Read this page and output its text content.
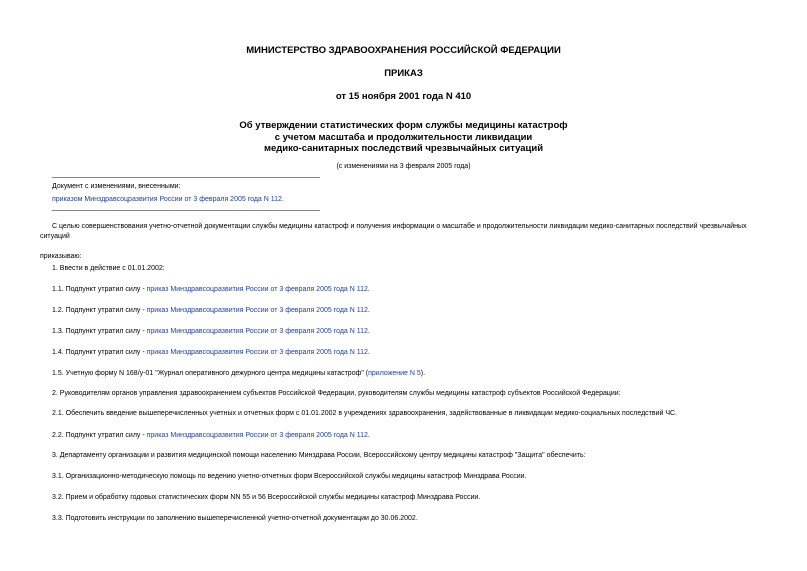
МИНИСТЕРСТВО ЗДРАВООХРАНЕНИЯ РОССИЙСКОЙ ФЕДЕРАЦИИ
ПРИКАЗ
от 15 ноября 2001 года N 410
Об утверждении статистических форм службы медицины катастроф
с учетом масштаба и продолжительности ликвидации
медико-санитарных последствий чрезвычайных ситуаций
(с изменениями на 3 февраля 2005 года)
Документ с изменениями, внесенными:
приказом Минздравсоцразвития России от 3 февраля 2005 года N 112.
С целью совершенствования учетно-отчетной документации службы медицины катастроф и получения информации о масштабе и продолжительности ликвидации медико-санитарных последствий чрезвычайных ситуаций
приказываю:
1. Ввести в действие с 01.01.2002:
1.1. Подпункт утратил силу - приказ Минздравсоцразвития России от 3 февраля 2005 года N 112.
1.2. Подпункт утратил силу - приказ Минздравсоцразвития России от 3 февраля 2005 года N 112.
1.3. Подпункт утратил силу - приказ Минздравсоцразвития России от 3 февраля 2005 года N 112.
1.4. Подпункт утратил силу - приказ Минздравсоцразвития России от 3 февраля 2005 года N 112.
1.5. Учетную форму N 168/у-01 "Журнал оперативного дежурного центра медицины катастроф" (приложение N 5).
2. Руководителям органов управления здравоохранением субъектов Российской Федерации, руководителям службы медицины катастроф субъектов Российской Федерации:
2.1. Обеспечить введение вышеперечисленных учетных и отчетных форм с 01.01.2002 в учреждениях здравоохранения, задействованные в ликвидации медико-социальных последствий ЧС.
2.2. Подпункт утратил силу - приказ Минздравсоцразвития России от 3 февраля 2005 года N 112.
3. Департаменту организации и развития медицинской помощи населению Минздрава России, Всероссийскому центру медицины катастроф "Защита" обеспечить:
3.1. Организационно-методическую помощь по ведению учетно-отчетных форм Всероссийской службы медицины катастроф Минздрава России.
3.2. Прием и обработку годовых статистических форм NN 55 и 56 Всероссийской службы медицины катастроф Минздрава России.
3.3. Подготовить инструкции по заполнению вышеперечисленной учетно-отчетной документации до 30.06.2002.
